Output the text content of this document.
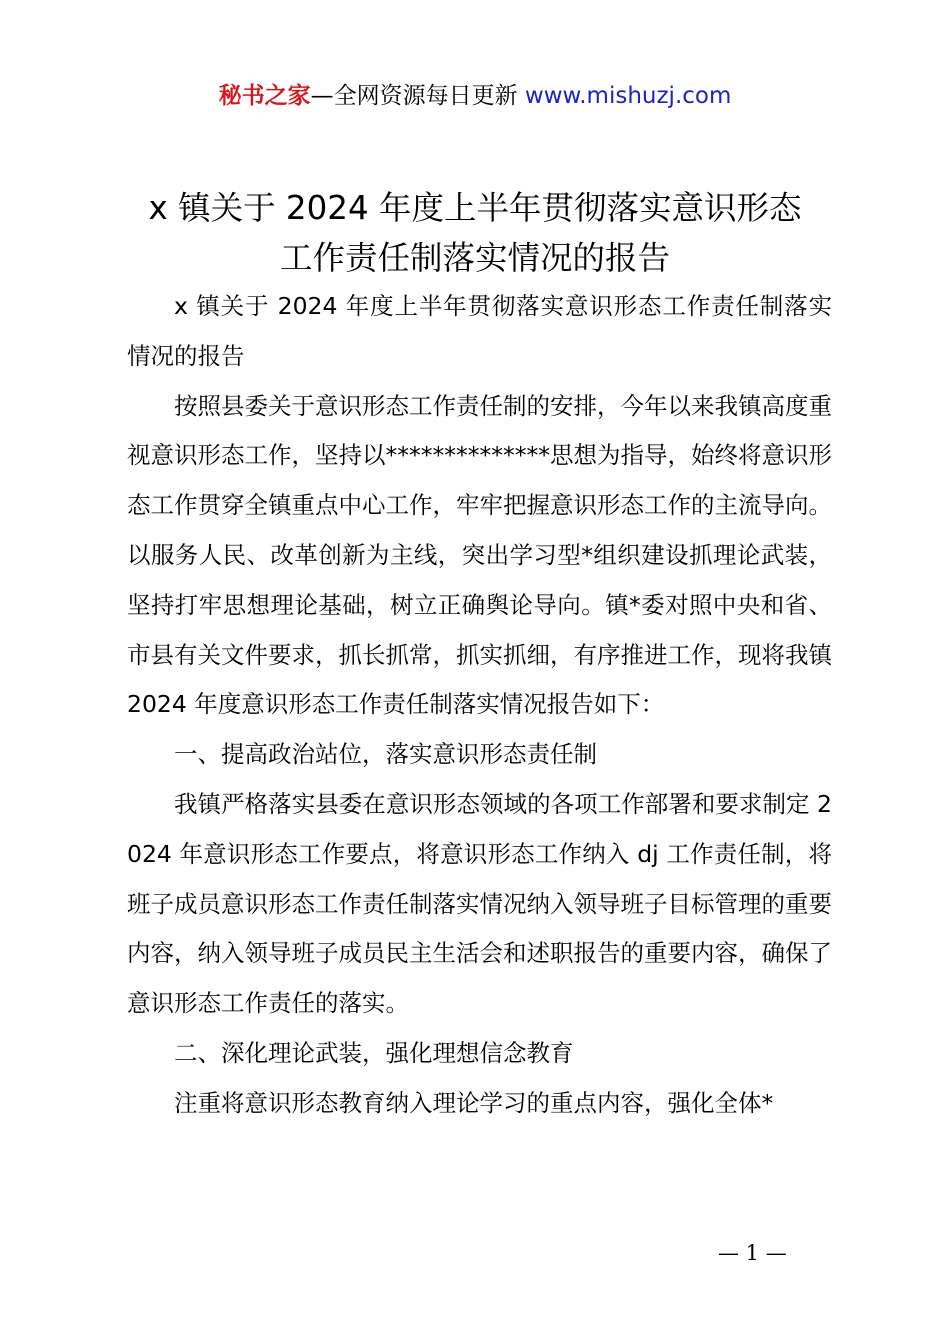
秘书之家—全网资源每日更新 www.mishuzj.com
x 镇关于 2024 年度上半年贯彻落实意识形态
工作责任制落实情况的报告

x 镇关于 2024 年度上半年贯彻落实意识形态工作责任制落实情况的报告

按照县委关于意识形态工作责任制的安排，今年以来我镇高度重视意识形态工作，坚持以**************思想为指导，始终将意识形态工作贯穿全镇重点中心工作，牢牢把握意识形态工作的主流导向。以服务人民、改革创新为主线，突出学习型*组织建设抓理论武装，坚持打牢思想理论基础，树立正确舆论导向。镇*委对照中央和省、市县有关文件要求，抓长抓常，抓实抓细，有序推进工作，现将我镇 2024 年度意识形态工作责任制落实情况报告如下：

一、提高政治站位，落实意识形态责任制

我镇严格落实县委在意识形态领域的各项工作部署和要求制定 2024 年意识形态工作要点，将意识形态工作纳入 dj 工作责任制，将班子成员意识形态工作责任制落实情况纳入领导班子目标管理的重要内容，纳入领导班子成员民主生活会和述职报告的重要内容，确保了意识形态工作责任的落实。

二、深化理论武装，强化理想信念教育

注重将意识形态教育纳入理论学习的重点内容，强化全体*

— 1 —
